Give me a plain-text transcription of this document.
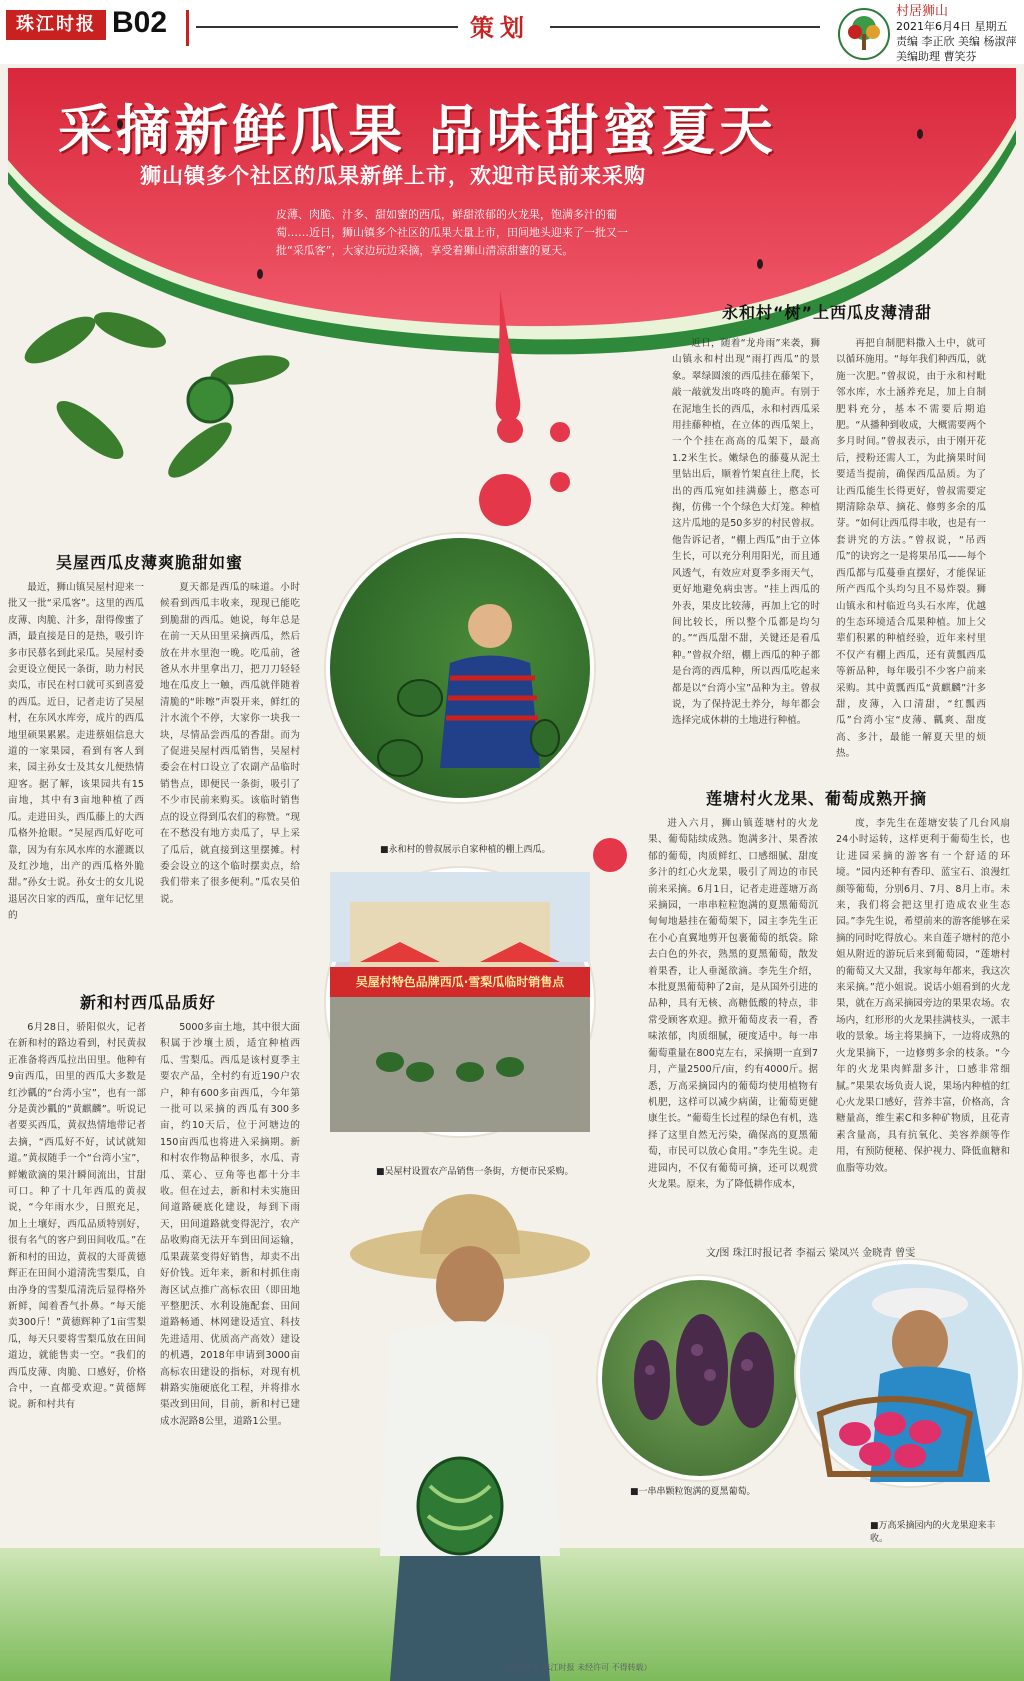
珠江时报 B02	策划
村居狮山
2021年6月4日 星期五
责编 李正欣 美编 杨淑萍
美编助理 曹笑芬
采摘新鲜瓜果 品味甜蜜夏天
狮山镇多个社区的瓜果新鲜上市，欢迎市民前来采购
皮薄、肉脆、汁多、甜如蜜的西瓜，鲜甜浓郁的火龙果，饱满多汁的葡萄……近日，狮山镇多个社区的瓜果大量上市，田间地头迎来了一批又一批“采瓜客”，大家边玩边采摘，享受着狮山清凉甜蜜的夏天。
永和村“树”上西瓜皮薄清甜

近日，随着“龙舟雨”来袭，狮山镇永和村出现“雨打西瓜”的景象。翠绿圆滚的西瓜挂在藤架下，敲一敲就发出咚咚的脆声。有别于在泥地生长的西瓜，永和村西瓜采用挂藤种植，在立体的西瓜架上，一个个挂在高高的瓜架下，最高1.2米生长。嫩绿色的藤蔓从泥土里钻出后，顺着竹架直往上爬，长出的西瓜宛如挂满藤上，憨态可掬，仿佛一个个绿色大灯笼。种植这片瓜地的是50多岁的村民曾叔。他告诉记者，“棚上西瓜”由于立体生长，可以充分利用阳光，而且通风透气，有效应对夏季多雨天气，更好地避免病虫害。“挂上西瓜的外表，果皮比较薄，再加上它的时间比较长，所以整个瓜都是均匀的。”“西瓜甜不甜，关键还是看瓜种。”曾叔介绍，棚上西瓜的种子都是台湾的西瓜种，所以西瓜吃起来都是以“台湾小宝”品种为主。曾叔说，为了保持泥土养分，每年都会选择完成休耕的土地进行种植。

再把自制肥料撒入土中，就可以循环施用。“每年我们种西瓜，就施一次肥。”曾叔说，由于永和村毗邻水库，水土涵养充足，加上自制肥料充分，基本不需要后期追肥。“从播种到收成，大概需要两个多月时间。”曾叔表示，由于刚开花后，授粉还需人工，为此摘果时间要适当提前，确保西瓜品质。为了让西瓜能生长得更好，曾叔需要定期清除杂草、摘花、修剪多余的瓜芽。“如何让西瓜得丰收，也是有一套讲究的方法。”曾叔说，“吊西瓜”的诀窍之一是将果吊瓜——每个西瓜都与瓜蔓垂直摆好，才能保证所产西瓜个头均匀且不易炸裂。狮山镇永和村临近乌头石水库，优越的生态环境适合瓜果种植。加上父辈们积累的种植经验，近年来村里不仅产有棚上西瓜，还有黄瓢西瓜等新品种，每年吸引不少客户前来采购。其中黄瓢西瓜“黄麒麟”汁多甜，皮薄，入口清甜，“红瓢西瓜”台湾小宝“皮薄、瓤爽、甜度高、多汁，最能一解夏天里的烦热。

吴屋西瓜皮薄爽脆甜如蜜

最近，狮山镇吴屋村迎来一批又一批“采瓜客”。这里的西瓜皮薄、肉脆、汁多，甜得像蜜了酒，最直接是日的是热，吸引许多市民慕名到此采瓜。吴屋村委会更设立便民一条街，助力村民卖瓜，市民在村口就可买到喜爱的西瓜。近日，记者走访了吴屋村，在东风水库旁，成片的西瓜地里硕果累累。走进蔡姐信息大道的一家果园，看到有客人到来，园主孙女士及其女儿便热情迎客。据了解，该果园共有15亩地，其中有3亩地种植了西瓜。走进田头，西瓜藤上的大西瓜格外抢眼。“吴屋西瓜好吃可靠，因为有东风水库的水灌溉以及红沙地，出产的西瓜格外脆甜。”孙女士说。孙女士的女儿说退居次日家的西瓜，童年记忆里的

夏天都是西瓜的味道。小时候看到西瓜丰收来，现现已能吃到脆甜的西瓜。她说，每年总是在前一天从田里采摘西瓜，然后放在井水里泡一晚。吃瓜前，爸爸从水井里拿出刀，把刀刀轻轻地在瓜皮上一触，西瓜就伴随着清脆的“咔嚓”声裂开来，鲜红的汁水流个不停，大家你一块我一块，尽情品尝西瓜的香甜。而为了促进吴屋村西瓜销售，吴屋村委会在村口设立了农副产品临时销售点，即便民一条街，吸引了不少市民前来购买。该临时销售点的设立得到瓜农们的称赞。“现在不愁没有地方卖瓜了，早上采了瓜后，就直接到这里摆摊。村委会设立的这个临时摆卖点，给我们带来了很多便利。”瓜农吴伯说。

■永和村的曾叔展示自家种植的棚上西瓜。
吴屋村特色品牌西瓜·雪梨瓜临时销售点
■吴屋村设置农产品销售一条街，方便市民采购。
莲塘村火龙果、葡萄成熟开摘

进入六月，狮山镇莲塘村的火龙果、葡萄陆续成熟。饱满多汁、果香浓郁的葡萄，肉质鲜红、口感细腻、甜度多汁的红心火龙果，吸引了周边的市民前来采摘。6月1日，记者走进莲塘万高采摘园，一串串粒粒饱满的夏黑葡萄沉甸甸地悬挂在葡萄架下，园主李先生正在小心直翼地剪开包裹葡萄的纸袋。除去白色的外衣，熟黑的夏黑葡萄，散发着果香，让人垂涎欲滴。李先生介绍，本批夏黑葡萄种了2亩，是从国外引进的品种，具有无核、高糖低酸的特点，非常受顾客欢迎。掀开葡萄皮表一看，香味浓郁，肉质细腻，硬度适中。每一串葡萄重量在800克左右，采摘期一直到7月，产量2500斤/亩，约有4000斤。据悉，万高采摘园内的葡萄均使用植物有机肥，这样可以减少病菌，让葡萄更健康生长。“葡萄生长过程的绿色有机，选择了这里自然无污染，确保高的夏黑葡萄，市民可以放心食用。”李先生说。走进园内，不仅有葡萄可摘，还可以观赏火龙果。原来，为了降低耕作成本，

度，李先生在莲塘安装了几台风扇24小时运转，这样更利于葡萄生长，也让进园采摘的游客有一个舒适的环境。“园内还种有香印、蓝宝石、浪漫红颜等葡萄，分别6月、7月、8月上市。未来，我们将会把这里打造成农业生态园。”李先生说，希望前来的游客能够在采摘的同时吃得放心。来自莲子塘村的范小姐从附近的游玩后来到葡萄园，“莲塘村的葡萄又大又甜，我家每年都来，我这次来采摘。”范小姐说。说话小姐看到的火龙果，就在万高采摘园旁边的果果农场。农场内，红形形的火龙果挂满枝头，一派丰收的景象。场主将果摘下，一边将成熟的火龙果摘下，一边修剪多余的枝条。“今年的火龙果肉鲜甜多汁，口感非常细腻。”果果农场负责人说，果场内种植的红心火龙果口感好，营养丰富，价格高，含糖量高，维生素C和多种矿物质，且花青素含量高，具有抗氧化、美容养颜等作用，有预防便秘、保护视力、降低血糖和血脂等功效。

新和村西瓜品质好

6月28日，骄阳似火，记者在新和村的路边看到，村民黄叔正准备将西瓜拉出田里。他种有9亩西瓜，田里的西瓜大多数是红沙瓤的“台湾小宝”，也有一部分是黄沙瓤的“黄麒麟”。听说记者要买西瓜，黄叔热情地带记者去摘，“西瓜好不好，试试就知道。”黄叔随手一个“台湾小宝”，鲜嫩欲滴的果汁瞬间流出，甘甜可口。种了十几年西瓜的黄叔说，“今年雨水少，日照充足，加上土壤好，西瓜品质特别好，很有名气的客户到田间收瓜。”在新和村的田边，黄叔的大哥黄德辉正在田间小道清洗雪梨瓜，自由净身的雪梨瓜清洗后显得格外新鲜，闻着香气扑鼻。“每天能卖300斤！”黄德辉种了1亩雪梨瓜，每天只要将雪梨瓜放在田间道边，就能售卖一空。“我们的西瓜皮薄、肉脆、口感好，价格合中，一直都受欢迎。”黄德辉说。新和村共有

5000多亩土地，其中很大面积属于沙壤土质，适宜种植西瓜、雪梨瓜。西瓜是该村夏季主要农产品，全村约有近190户农户，种有600多亩西瓜，今年第一批可以采摘的西瓜有300多亩，约10天后，位于河塘边的150亩西瓜也将进入采摘期。新和村农作物品种很多，水瓜、青瓜、菜心、豆角等也都十分丰收。但在过去，新和村未实施田间道路硬底化建设，每到下雨天，田间道路就变得泥泞，农产品收购商无法开车到田间运输，瓜果蔬菜变得好销售，却卖不出好价钱。近年来，新和村抓住南海区试点推广高标农田（即田地平整肥沃、水利设施配套、田间道路畅通、林网建设适宜、科技先进适用、优质高产高效）建设的机遇，2018年申请到3000亩高标农田建设的指标，对现有机耕路实施硬底化工程，并将排水渠改到田间，目前，新和村已建成水泥路8公里，道路1公里。

文/图 珠江时报记者 李福云 梁凤兴 金晓青 曾雯
■一串串颗粒饱满的夏黑葡萄。
■万高采摘园内的火龙果迎来丰收。
（版权所有 珠江时报 未经许可 不得转载）
